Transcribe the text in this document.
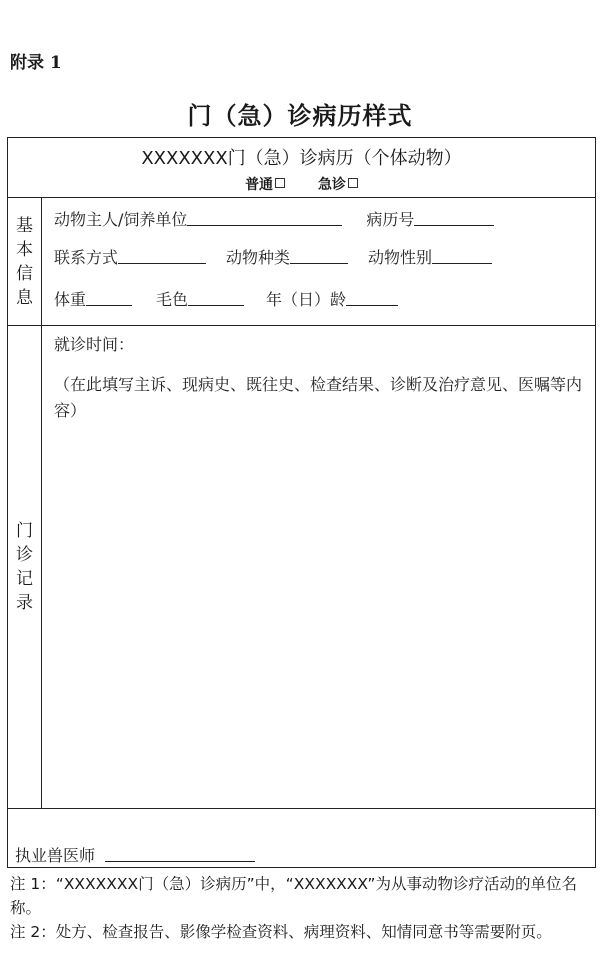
附录 1
门（急）诊病历样式
XXXXXXX门（急）诊病历（个体动物）
普通	急诊
基
本
信
息
动物主人/饲养单位	病历号
联系方式	动物种类	动物性别
体重	毛色	年（日）龄
门
诊
记
录
就诊时间：
（在此填写主诉、现病史、既往史、检查结果、诊断及治疗意见、医嘱等内容）
执业兽医师

注 1：“XXXXXXX门（急）诊病历”中，“XXXXXXX”为从事动物诊疗活动的单位名称。

注 2：处方、检查报告、影像学检查资料、病理资料、知情同意书等需要附页。
